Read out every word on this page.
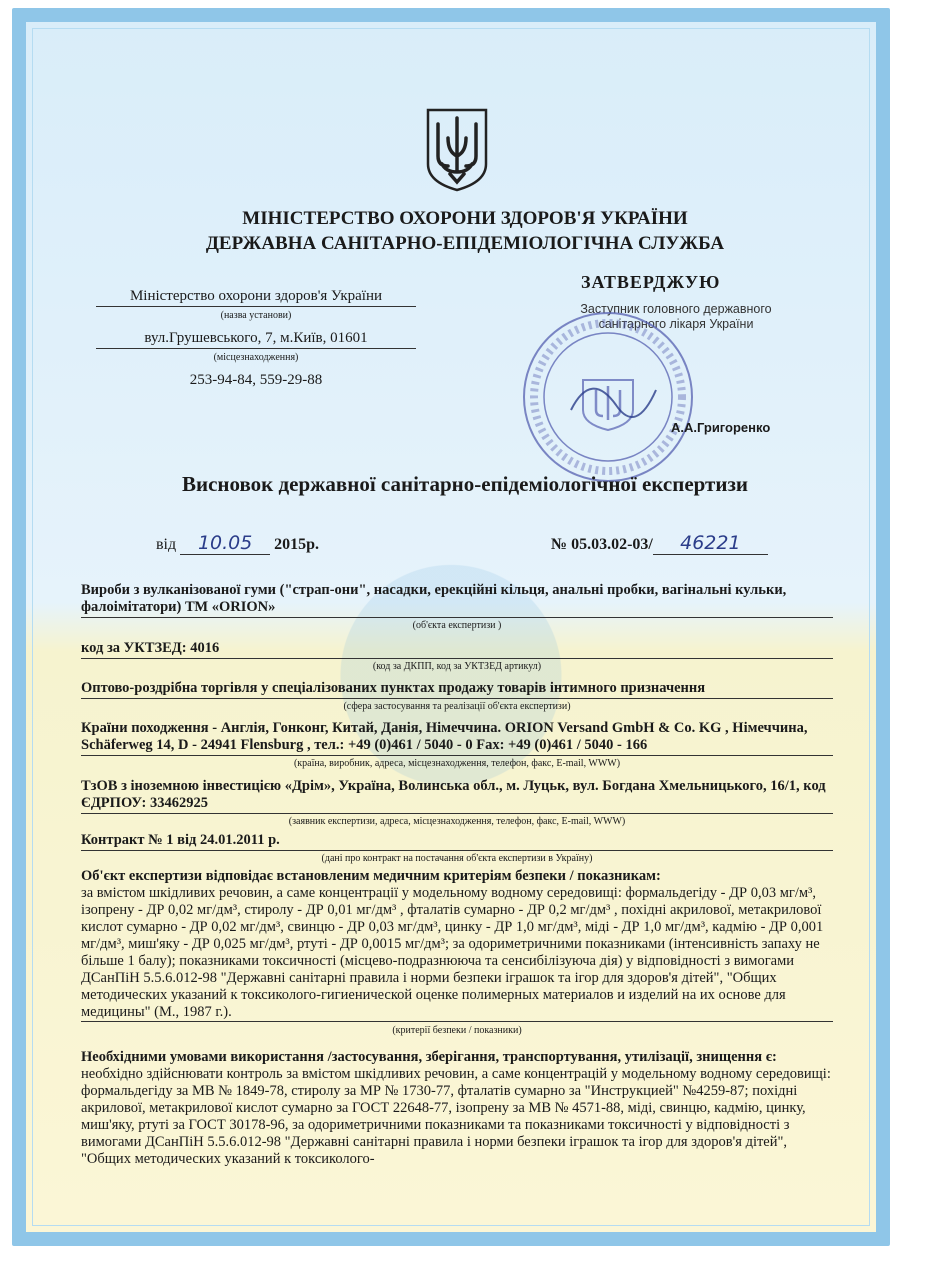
МІНІСТЕРСТВО ОХОРОНИ ЗДОРОВ'Я УКРАЇНИ
ДЕРЖАВНА САНІТАРНО-ЕПІДЕМІОЛОГІЧНА СЛУЖБА
Міністерство охорони здоров'я України
(назва установи)
вул.Грушевського, 7, м.Київ, 01601
(місцезнаходження)
253-94-84, 559-29-88
ЗАТВЕРДЖУЮ
Заступник головного державного санітарного лікаря України
А.А.Григоренко
Висновок державної санітарно-епідеміологічної експертизи
від 10.05 2015р.	№ 05.03.02-03/ 46221
Вироби з вулканізованої гуми ("страп-они", насадки, ерекційні кільця, анальні пробки, вагінальні кульки, фалоімітатори) ТМ «ORION»
(об'єкта експертизи )
код за УКТЗЕД: 4016
(код за ДКПП, код за УКТЗЕД артикул)
Оптово-роздрібна торгівля у спеціалізованих пунктах продажу товарів інтимного призначення
(сфера застосування та реалізації об'єкта експертизи)
Країни походження - Англія, Гонконг, Китай, Данія, Німеччина. ORION Versand GmbH & Co. KG , Німеччина, Schäferweg 14, D - 24941 Flensburg , тел.: +49 (0)461 / 5040 - 0 Fax: +49 (0)461 / 5040 - 166
(країна, виробник, адреса, місцезнаходження, телефон, факс, E-mail, WWW)
ТзОВ з іноземною інвестицією «Дрім», Україна, Волинська обл., м. Луцьк, вул. Богдана Хмельницького, 16/1, код ЄДРПОУ: 33462925
(заявник експертизи, адреса, місцезнаходження, телефон, факс, E-mail, WWW)
Контракт № 1 від 24.01.2011 р.
(дані про контракт на постачання об'єкта експертизи в Україну)
Об'єкт експертизи відповідає встановленим медичним критеріям безпеки / показникам:
за вмістом шкідливих речовин, а саме концентрації у модельному водному середовищі: формальдегіду - ДР 0,03 мг/м³, ізопрену - ДР 0,02 мг/дм³, стиролу - ДР 0,01 мг/дм³ , фталатів сумарно - ДР 0,2 мг/дм³ , похідні акрилової, метакрилової кислот сумарно - ДР 0,02 мг/дм³, свинцю - ДР 0,03 мг/дм³, цинку - ДР 1,0 мг/дм³, міді - ДР 1,0 мг/дм³, кадмію - ДР 0,001 мг/дм³, миш'яку - ДР 0,025 мг/дм³, ртуті - ДР 0,0015 мг/дм³; за одориметричними показниками (інтенсивність запаху не більше 1 балу); показниками токсичності (місцево-подразнююча та сенсибілізуюча дія) у відповідності з вимогами ДСанПіН 5.5.6.012-98 "Державні санітарні правила і норми безпеки іграшок та ігор для здоров'я дітей", "Общих методических указаний к токсиколого-гигиенической оценке полимерных материалов и изделий на их основе для медицины" (М., 1987 г.).
(критерії безпеки / показники)
Необхідними умовами використання /застосування, зберігання, транспортування, утилізації, знищення є:
необхідно здійснювати контроль за вмістом шкідливих речовин, а саме концентрацій у модельному водному середовищі: формальдегіду за МВ № 1849-78, стиролу за МР № 1730-77, фталатів сумарно за "Инструкцией" №4259-87; похідні акрилової, метакрилової кислот сумарно за ГОСТ 22648-77, ізопрену за МВ № 4571-88, міді, свинцю, кадмію, цинку, миш'яку, ртуті за ГОСТ 30178-96, за одориметричними показниками та показниками токсичності у відповідності з вимогами ДСанПіН 5.5.6.012-98 "Державні санітарні правила і норми безпеки іграшок та ігор для здоров'я дітей", "Общих методических указаний к токсиколого-
